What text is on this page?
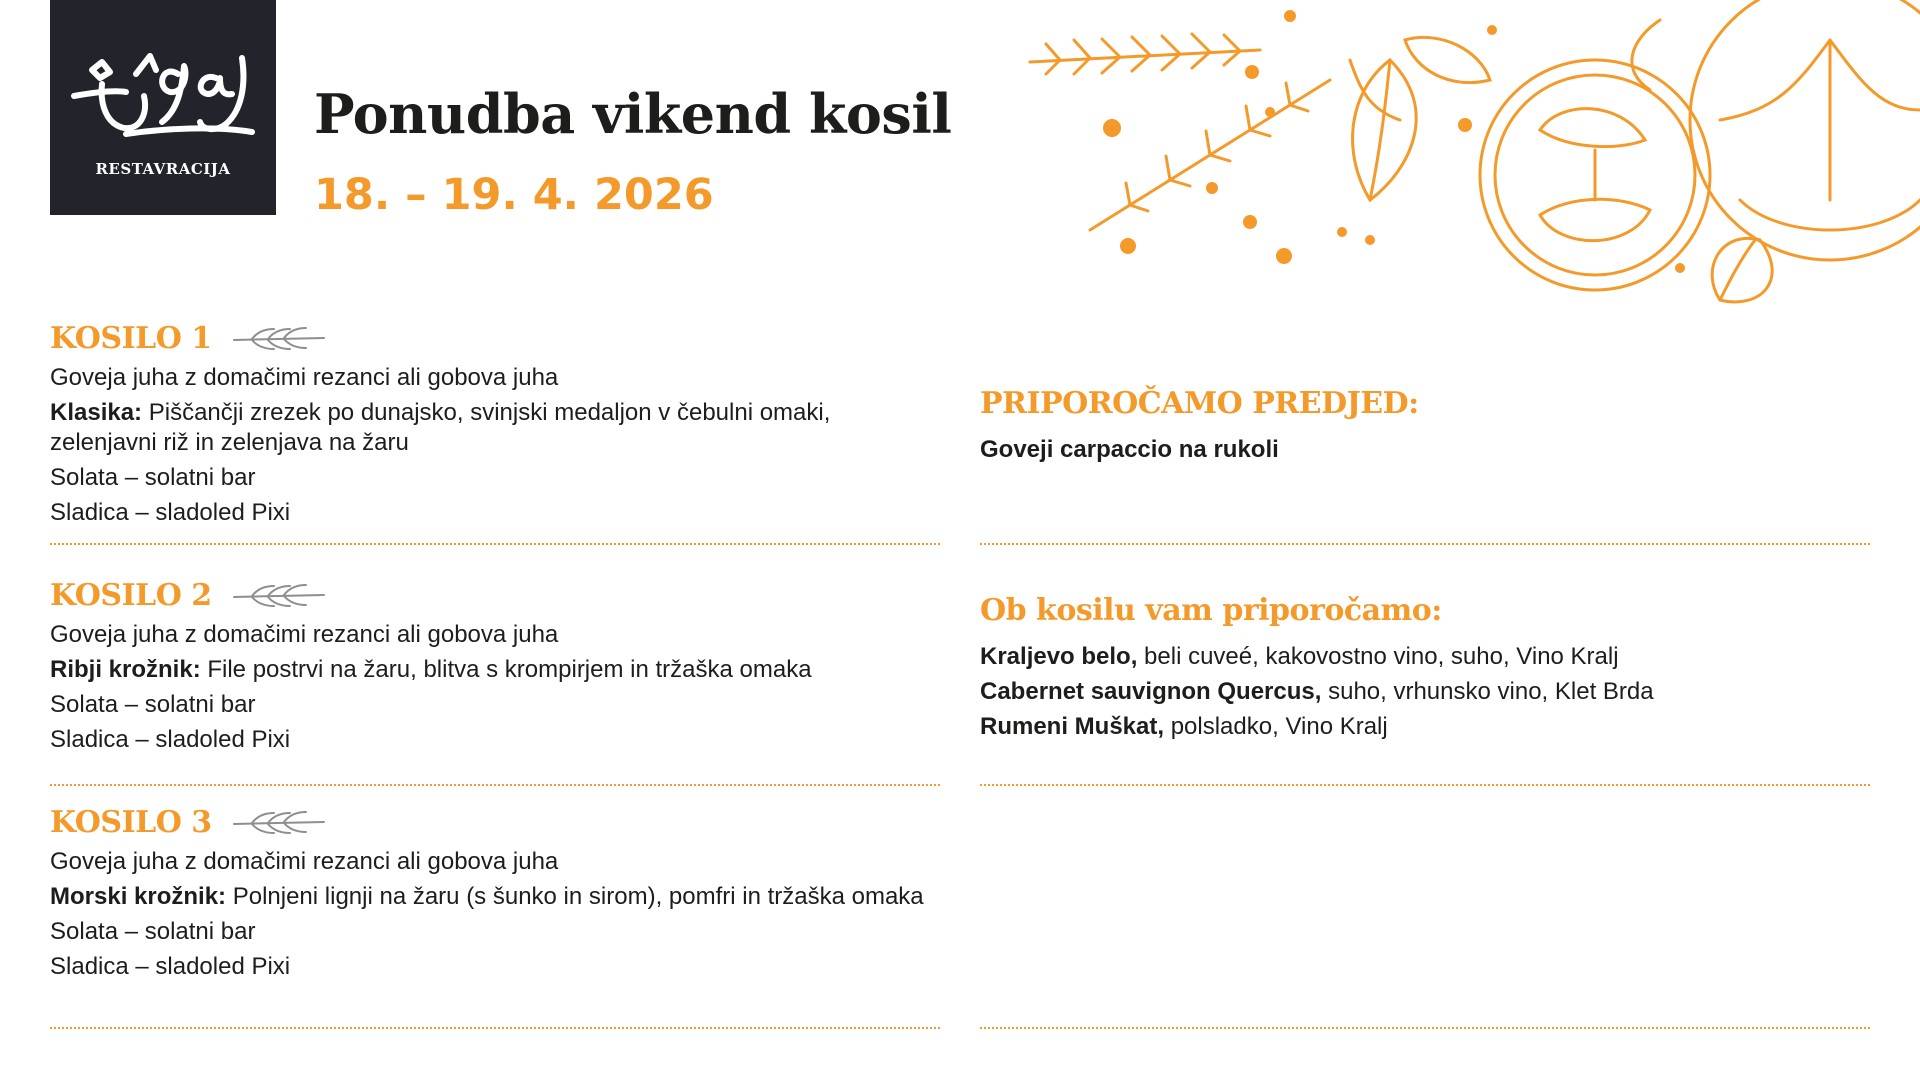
RESTAVRACIJA
Ponudba vikend kosil
18. – 19. 4. 2026
KOSILO 1
Goveja juha z domačimi rezanci ali gobova juha
Klasika: Piščančji zrezek po dunajsko, svinjski medaljon v čebulni omaki, zelenjavni riž in zelenjava na žaru
Solata – solatni bar
Sladica – sladoled Pixi
KOSILO 2
Goveja juha z domačimi rezanci ali gobova juha
Ribji krožnik: File postrvi na žaru, blitva s krompirjem in tržaška omaka
Solata – solatni bar
Sladica – sladoled Pixi
KOSILO 3
Goveja juha z domačimi rezanci ali gobova juha
Morski krožnik: Polnjeni lignji na žaru (s šunko in sirom), pomfri in tržaška omaka
Solata – solatni bar
Sladica – sladoled Pixi
PRIPOROČAMO PREDJED:
Goveji carpaccio na rukoli
Ob kosilu vam priporočamo:
Kraljevo belo, beli cuveé, kakovostno vino, suho, Vino Kralj
Cabernet sauvignon Quercus, suho, vrhunsko vino, Klet Brda
Rumeni Muškat, polsladko, Vino Kralj
